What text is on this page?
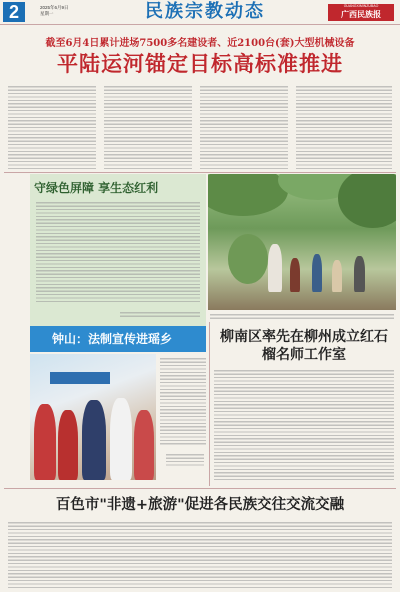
2	2025年6月9日
星期一	民族宗教动态	GUANGXIMINZUBAO
广西民族报
截至6月4日累计进场7500多名建设者、近2100台(套)大型机械设备
平陆运河锚定目标高标准推进
守绿色屏障 享生态红利
钟山：法制宣传进瑶乡	柳南区率先在柳州成立红石榴名师工作室
百色市"非遗+旅游"促进各民族交往交流交融
